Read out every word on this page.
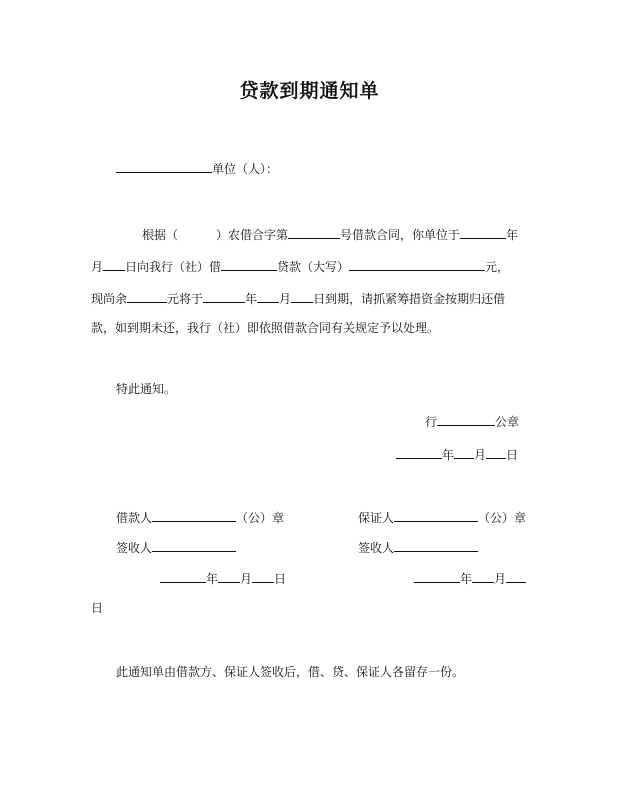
贷款到期通知单
单位（人）：
根据（	）农借合字第	号借款合同，你单位于	年
月 日向我行（社）借	贷款（大写）	元，
现尚余	元将于	年 月 日到期，请抓紧筹措资金按期归还借
款，如到期未还，我行（社）即依照借款合同有关规定予以处理。
特此通知。
行	公章
年 月 日
借款人	（公）章	保证人	（公）章
签收人	签收人
年 月 日	年 月
日
此通知单由借款方、保证人签收后，借、贷、保证人各留存一份。
